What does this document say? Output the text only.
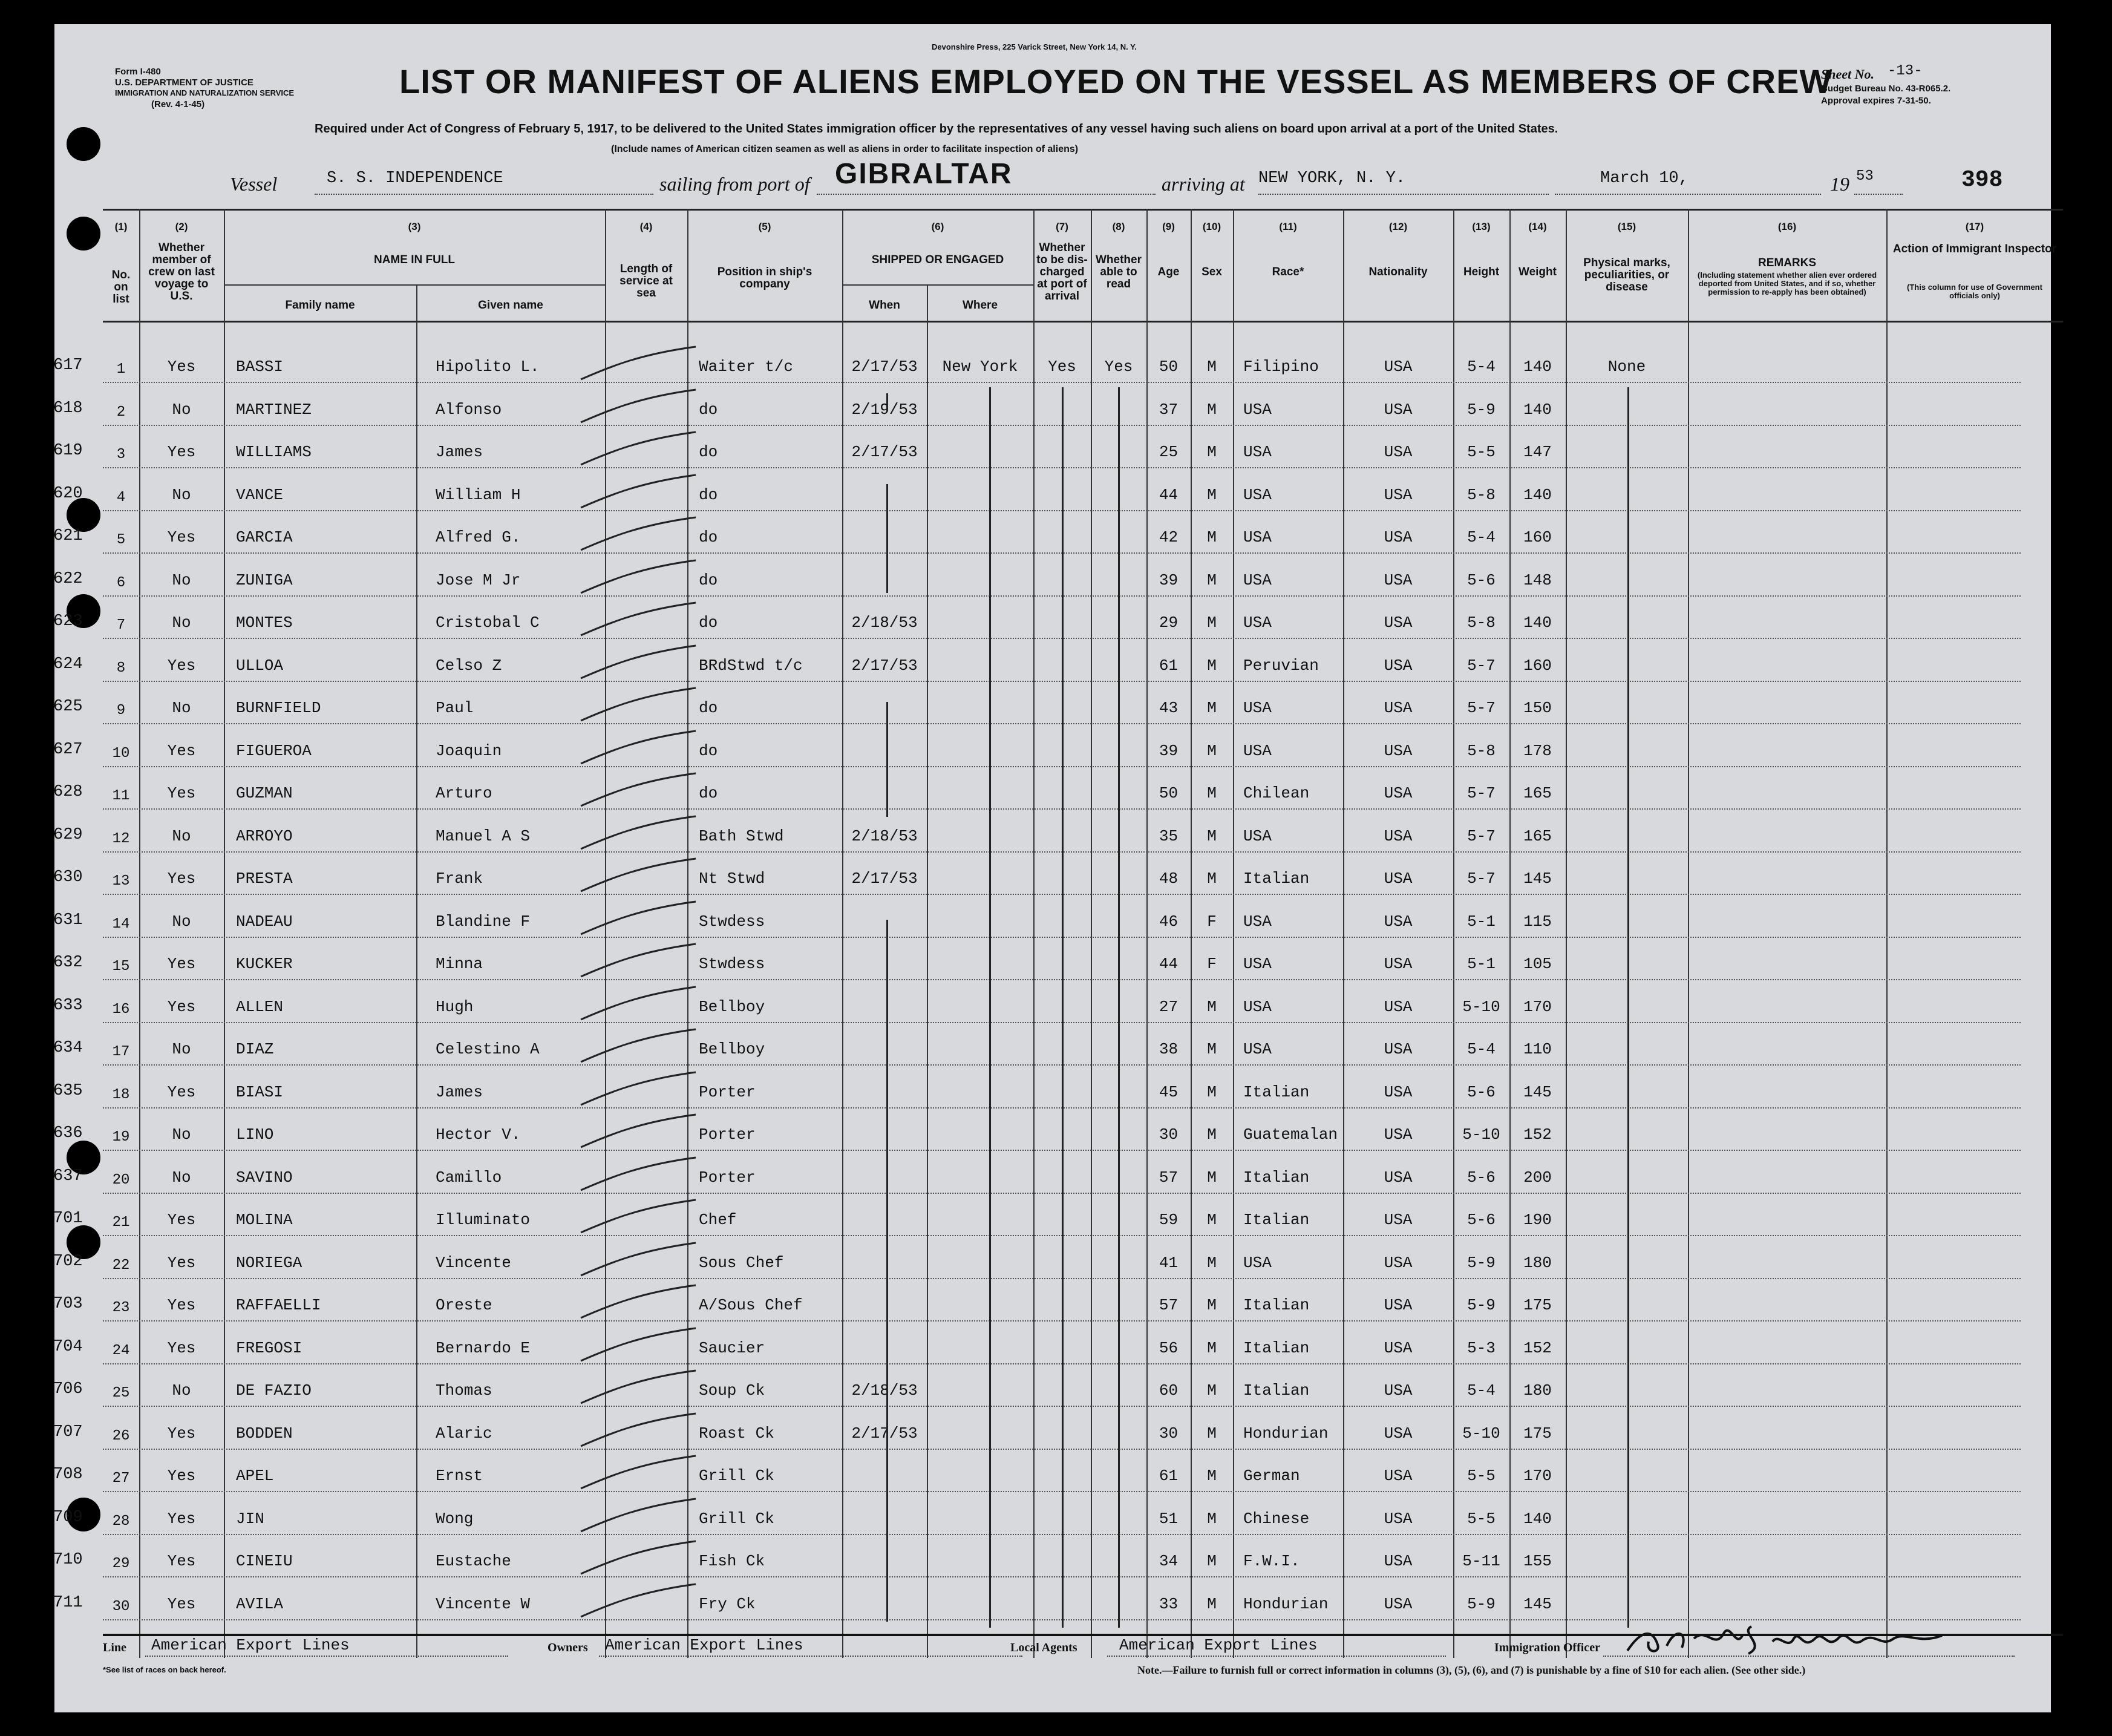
Form I-480
U.S. DEPARTMENT OF JUSTICE
IMMIGRATION AND NATURALIZATION SERVICE
(Rev. 4-1-45)
Devonshire Press, 225 Varick Street, New York 14, N. Y.
LIST OR MANIFEST OF ALIENS EMPLOYED ON THE VESSEL AS MEMBERS OF CREW
Required under Act of Congress of February 5, 1917, to be delivered to the United States immigration officer by the representatives of any vessel having such aliens on board upon arrival at a port of the United States.
(Include names of American citizen seamen as well as aliens in order to facilitate inspection of aliens)
Sheet No. -13-
Budget Bureau No. 43-R065.2.
Approval expires 7-31-50.
398
Vessel	S. S. INDEPENDENCE	sailing from port of GIBRALTAR	arriving at NEW YORK, N. Y.	March 10,	19 53
(1)	(2)	(3)	(4)	(5)	(6)	(7)	(8)	(9)	(10)	(11)	(12)	(13)	(14)	(15)	(16)	(17)
No. on list
Whether member of crew on last voyage to U.S.
NAME IN FULL
Family name	Given name
Length of service at sea
Position in ship's company
SHIPPED OR ENGAGED
When	Where
Whether to be dis-charged at port of arrival
Whether able to read
Age	Sex	Race*	Nationality	Height	Weight
Physical marks, peculiarities, or disease
REMARKS
(Including statement whether alien ever ordered deported from United States, and if so, whether permission to re-apply has been obtained)
Action of Immigrant Inspector
(This column for use of Government officials only)
617	1	Yes	BASSI	Hipolito L.	Waiter t/c	2/17/53	New York	Yes	Yes	50	M	Filipino	USA	5-4	140	None
618	2	No	MARTINEZ	Alfonso	do	2/19/53	37	M	USA	USA	5-9	140
619	3	Yes	WILLIAMS	James	do	2/17/53	25	M	USA	USA	5-5	147
620	4	No	VANCE	William H	do	44	M	USA	USA	5-8	140
621	5	Yes	GARCIA	Alfred G.	do	42	M	USA	USA	5-4	160
622	6	No	ZUNIGA	Jose M Jr	do	39	M	USA	USA	5-6	148
623	7	No	MONTES	Cristobal C	do	2/18/53	29	M	USA	USA	5-8	140
624	8	Yes	ULLOA	Celso Z	BRdStwd t/c	2/17/53	61	M	Peruvian	USA	5-7	160
625	9	No	BURNFIELD	Paul	do	43	M	USA	USA	5-7	150
627	10	Yes	FIGUEROA	Joaquin	do	39	M	USA	USA	5-8	178
628	11	Yes	GUZMAN	Arturo	do	50	M	Chilean	USA	5-7	165
629	12	No	ARROYO	Manuel A S	Bath Stwd	2/18/53	35	M	USA	USA	5-7	165
630	13	Yes	PRESTA	Frank	Nt Stwd	2/17/53	48	M	Italian	USA	5-7	145
631	14	No	NADEAU	Blandine F	Stwdess	46	F	USA	USA	5-1	115
632	15	Yes	KUCKER	Minna	Stwdess	44	F	USA	USA	5-1	105
633	16	Yes	ALLEN	Hugh	Bellboy	27	M	USA	USA	5-10	170
634	17	No	DIAZ	Celestino A	Bellboy	38	M	USA	USA	5-4	110
635	18	Yes	BIASI	James	Porter	45	M	Italian	USA	5-6	145
636	19	No	LINO	Hector V.	Porter	30	M	Guatemalan	USA	5-10	152
637	20	No	SAVINO	Camillo	Porter	57	M	Italian	USA	5-6	200
701	21	Yes	MOLINA	Illuminato	Chef	59	M	Italian	USA	5-6	190
702	22	Yes	NORIEGA	Vincente	Sous Chef	41	M	USA	USA	5-9	180
703	23	Yes	RAFFAELLI	Oreste	A/Sous Chef	57	M	Italian	USA	5-9	175
704	24	Yes	FREGOSI	Bernardo E	Saucier	56	M	Italian	USA	5-3	152
706	25	No	DE FAZIO	Thomas	Soup Ck	2/18/53	60	M	Italian	USA	5-4	180
707	26	Yes	BODDEN	Alaric	Roast Ck	2/17/53	30	M	Hondurian	USA	5-10	175
708	27	Yes	APEL	Ernst	Grill Ck	61	M	German	USA	5-5	170
709	28	Yes	JIN	Wong	Grill Ck	51	M	Chinese	USA	5-5	140
710	29	Yes	CINEIU	Eustache	Fish Ck	34	M	F.W.I.	USA	5-11	155
711	30	Yes	AVILA	Vincente W	Fry Ck	33	M	Hondurian	USA	5-9	145
Line American Export Lines	Owners American Export Lines	Local Agents	American Export Lines	Immigration Officer
*See list of races on back hereof.	Note.—Failure to furnish full or correct information in columns (3), (5), (6), and (7) is punishable by a fine of $10 for each alien. (See other side.)
